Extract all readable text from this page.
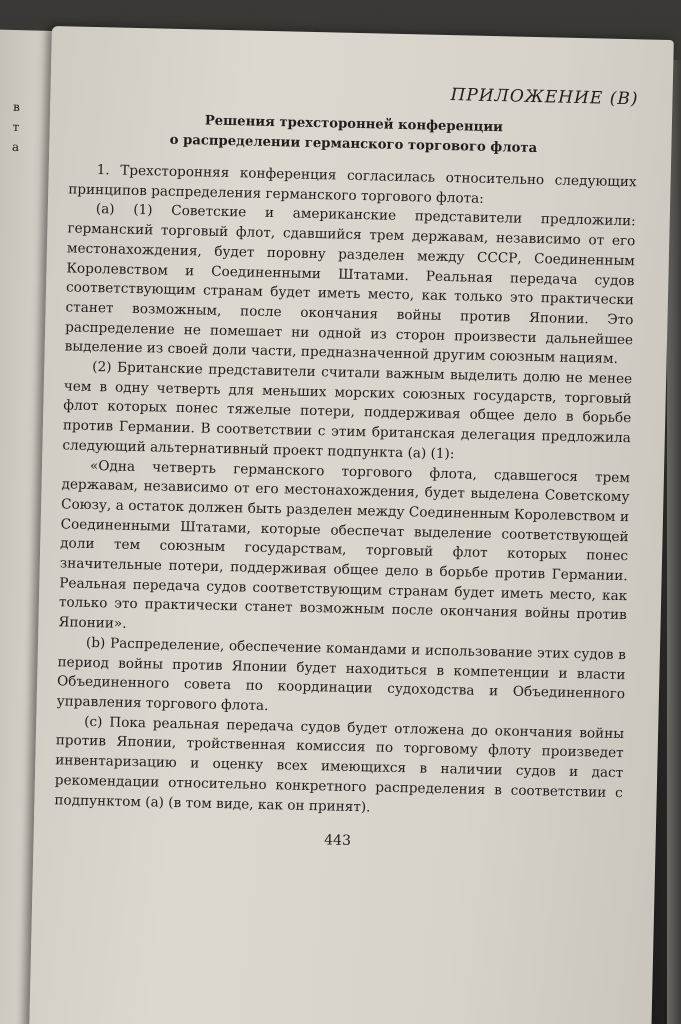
в
т
а
ПРИЛОЖЕНИЕ (В)
Решения трехсторонней конференции
о распределении германского торгового флота

1. Трехсторонняя конференция согласилась относительно следующих принципов распределения германского торгового флота:

(а) (1) Советские и американские представители предложили: германский торговый флот, сдавшийся трем державам, независимо от его местонахождения, будет поровну разделен между СССР, Соединенным Королевством и Соединенными Штатами. Реальная передача судов соответствующим странам будет иметь место, как только это практически станет возможным, после окончания войны против Японии. Это распределение не помешает ни одной из сторон произвести дальнейшее выделение из своей доли части, предназначенной другим союзным нациям.

(2) Британские представители считали важным выделить долю не менее чем в одну четверть для меньших морских союзных государств, торговый флот которых понес тяжелые потери, поддерживая общее дело в борьбе против Германии. В соответствии с этим британская делегация предложила следующий альтернативный проект подпункта (а) (1):

«Одна четверть германского торгового флота, сдавшегося трем державам, независимо от его местонахождения, будет выделена Советскому Союзу, а остаток должен быть разделен между Соединенным Королевством и Соединенными Штатами, которые обеспечат выделение соответствующей доли тем союзным государствам, торговый флот которых понес значительные потери, поддерживая общее дело в борьбе против Германии. Реальная передача судов соответствующим странам будет иметь место, как только это практически станет возможным после окончания войны против Японии».

(b) Распределение, обеспечение командами и использование этих судов в период войны против Японии будет находиться в компетенции и власти Объединенного совета по координации судоходства и Объединенного управления торгового флота.

(c) Пока реальная передача судов будет отложена до окончания войны против Японии, тройственная комиссия по торговому флоту произведет инвентаризацию и оценку всех имеющихся в наличии судов и даст рекомендации относительно конкретного распределения в соответствии с подпунктом (а) (в том виде, как он принят).

443
